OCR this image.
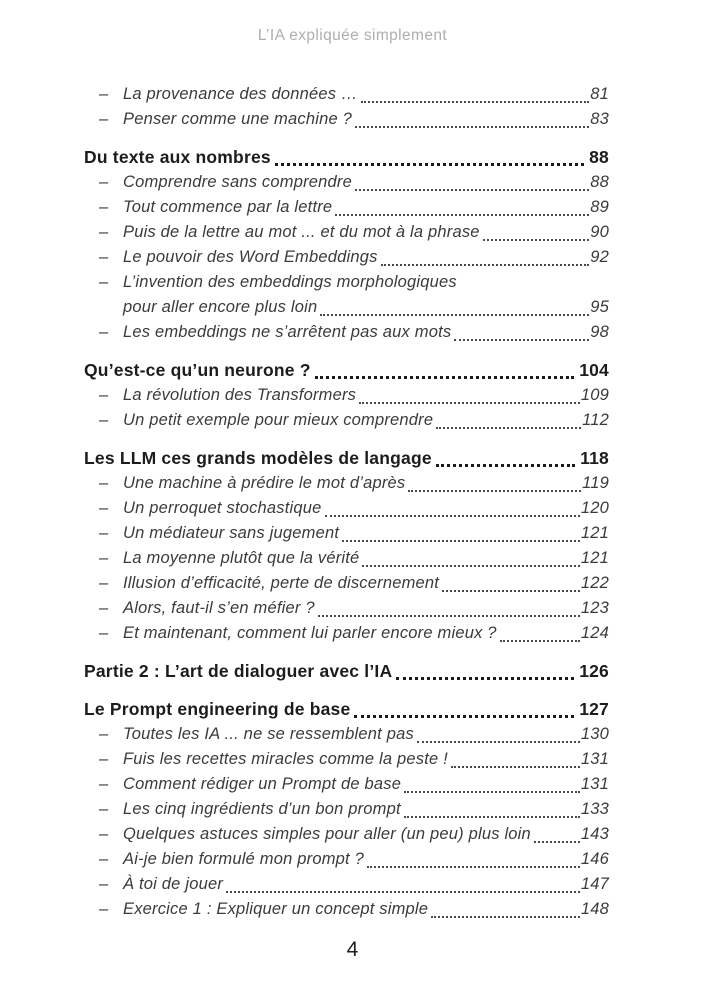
L’IA expliquée simplement
– La provenance des données …	81
– Penser comme une machine ?	83
Du texte aux nombres	88
– Comprendre sans comprendre	88
– Tout commence par la lettre	89
– Puis de la lettre au mot ... et du mot à la phrase	90
– Le pouvoir des Word Embeddings	92
– L’invention des embeddings morphologiques
pour aller encore plus loin	95
– Les embeddings ne s’arrêtent pas aux mots	98
Qu’est-ce qu’un neurone ?	104
– La révolution des Transformers	109
– Un petit exemple pour mieux comprendre	112
Les LLM ces grands modèles de langage	118
– Une machine à prédire le mot d’après	119
– Un perroquet stochastique	120
– Un médiateur sans jugement	121
– La moyenne plutôt que la vérité	121
– Illusion d’efficacité, perte de discernement	122
– Alors, faut-il s’en méfier ?	123
– Et maintenant, comment lui parler encore mieux ?	124
Partie 2 : L’art de dialoguer avec l’IA	126
Le Prompt engineering de base	127
– Toutes les IA ... ne se ressemblent pas	130
– Fuis les recettes miracles comme la peste !	131
– Comment rédiger un Prompt de base	131
– Les cinq ingrédients d’un bon prompt	133
– Quelques astuces simples pour aller (un peu) plus loin	143
– Ai-je bien formulé mon prompt ?	146
– À toi de jouer	147
– Exercice 1 : Expliquer un concept simple	148
4
